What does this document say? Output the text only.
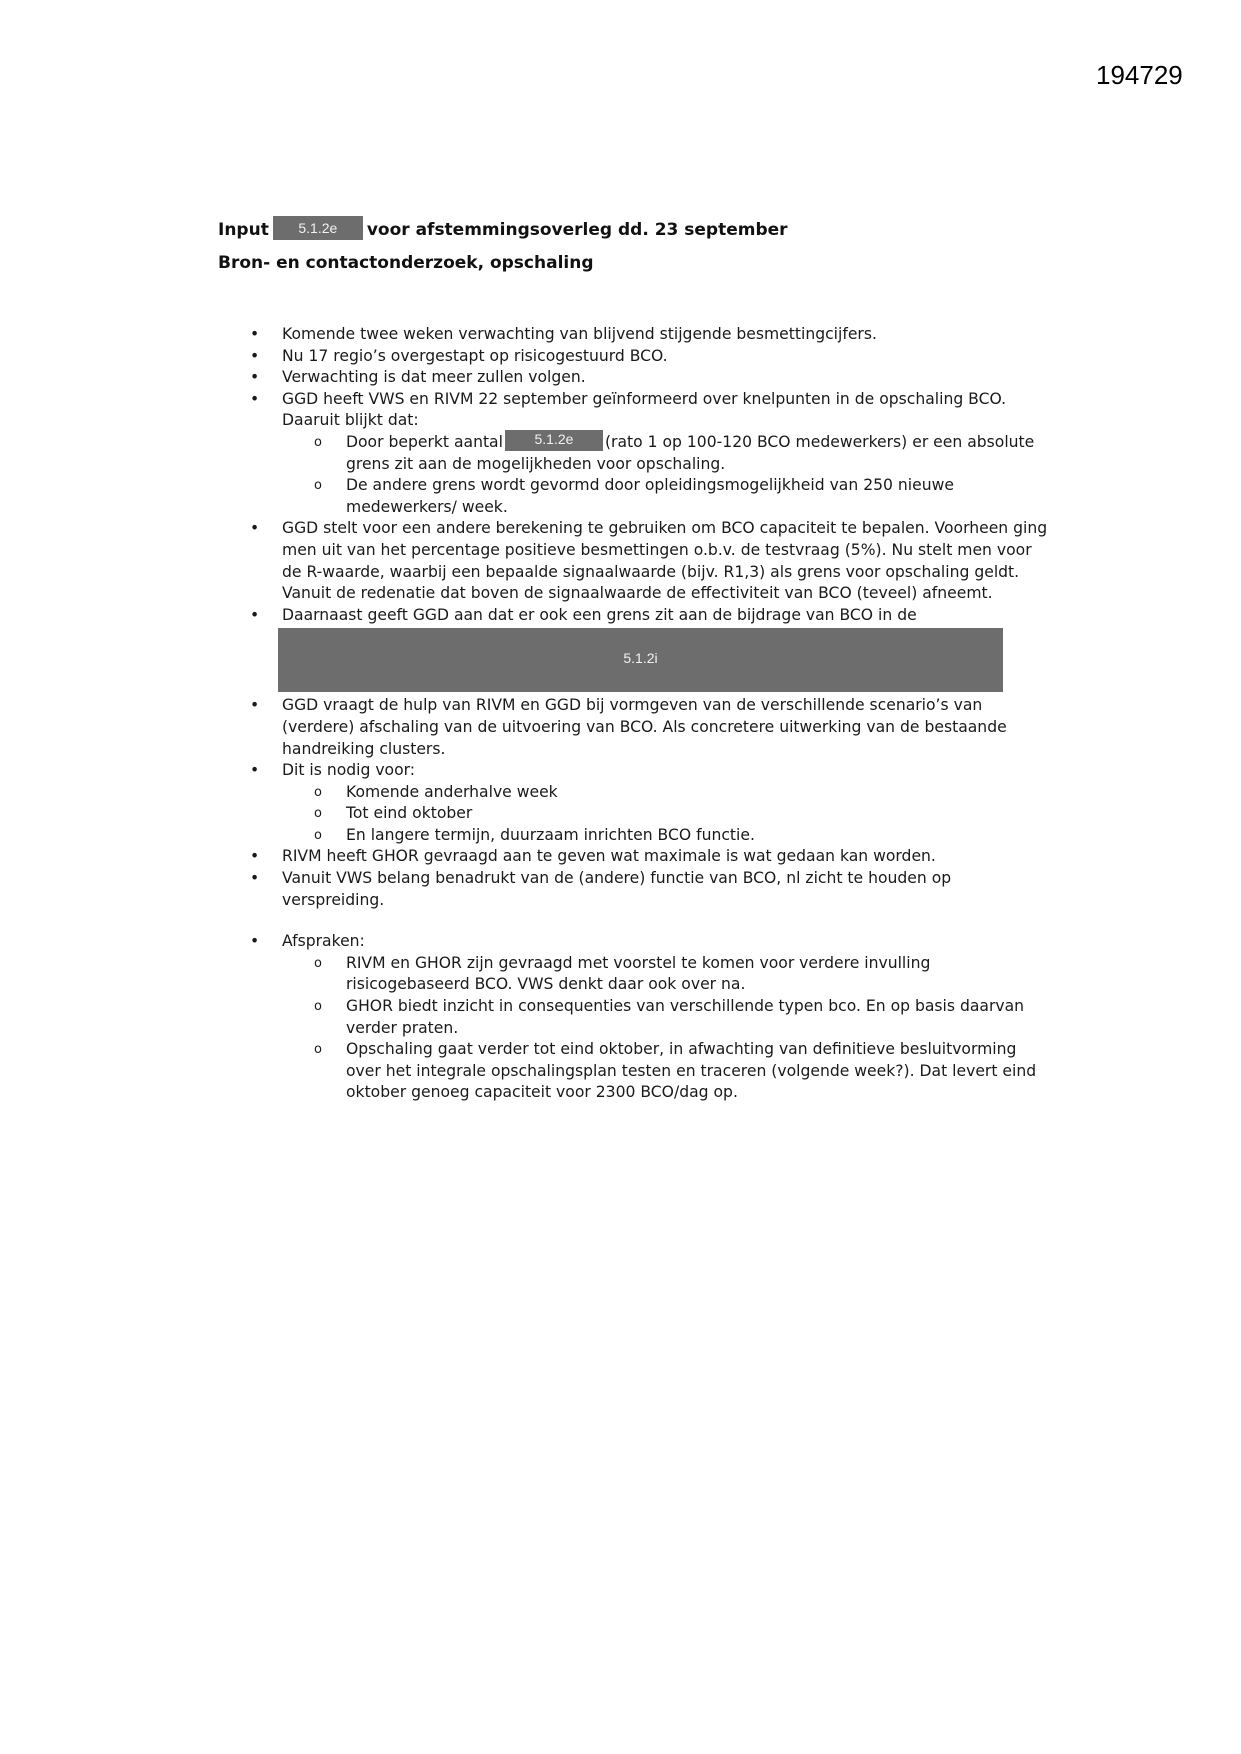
194729
Input 5.1.2e voor afstemmingsoverleg dd. 23 september
Bron- en contactonderzoek, opschaling
• Komende twee weken verwachting van blijvend stijgende besmettingcijfers.
• Nu 17 regio’s overgestapt op risicogestuurd BCO.
• Verwachting is dat meer zullen volgen.
• GGD heeft VWS en RIVM 22 september geïnformeerd over knelpunten in de opschaling BCO. Daaruit blijkt dat:
o Door beperkt aantal 5.1.2e (rato 1 op 100-120 BCO medewerkers) er een absolute grens zit aan de mogelijkheden voor opschaling.
o De andere grens wordt gevormd door opleidingsmogelijkheid van 250 nieuwe medewerkers/ week.
• GGD stelt voor een andere berekening te gebruiken om BCO capaciteit te bepalen. Voorheen ging men uit van het percentage positieve besmettingen o.b.v. de testvraag (5%). Nu stelt men voor de R-waarde, waarbij een bepaalde signaalwaarde (bijv. R1,3) als grens voor opschaling geldt. Vanuit de redenatie dat boven de signaalwaarde de effectiviteit van BCO (teveel) afneemt.
• Daarnaast geeft GGD aan dat er ook een grens zit aan de bijdrage van BCO in de
5.1.2i
• GGD vraagt de hulp van RIVM en GGD bij vormgeven van de verschillende scenario’s van (verdere) afschaling van de uitvoering van BCO. Als concretere uitwerking van de bestaande handreiking clusters.
• Dit is nodig voor:
o Komende anderhalve week
o Tot eind oktober
o En langere termijn, duurzaam inrichten BCO functie.
• RIVM heeft GHOR gevraagd aan te geven wat maximale is wat gedaan kan worden.
• Vanuit VWS belang benadrukt van de (andere) functie van BCO, nl zicht te houden op verspreiding.
• Afspraken:
o RIVM en GHOR zijn gevraagd met voorstel te komen voor verdere invulling risicogebaseerd BCO. VWS denkt daar ook over na.
o GHOR biedt inzicht in consequenties van verschillende typen bco. En op basis daarvan verder praten.
o Opschaling gaat verder tot eind oktober, in afwachting van definitieve besluitvorming over het integrale opschalingsplan testen en traceren (volgende week?). Dat levert eind oktober genoeg capaciteit voor 2300 BCO/dag op.
